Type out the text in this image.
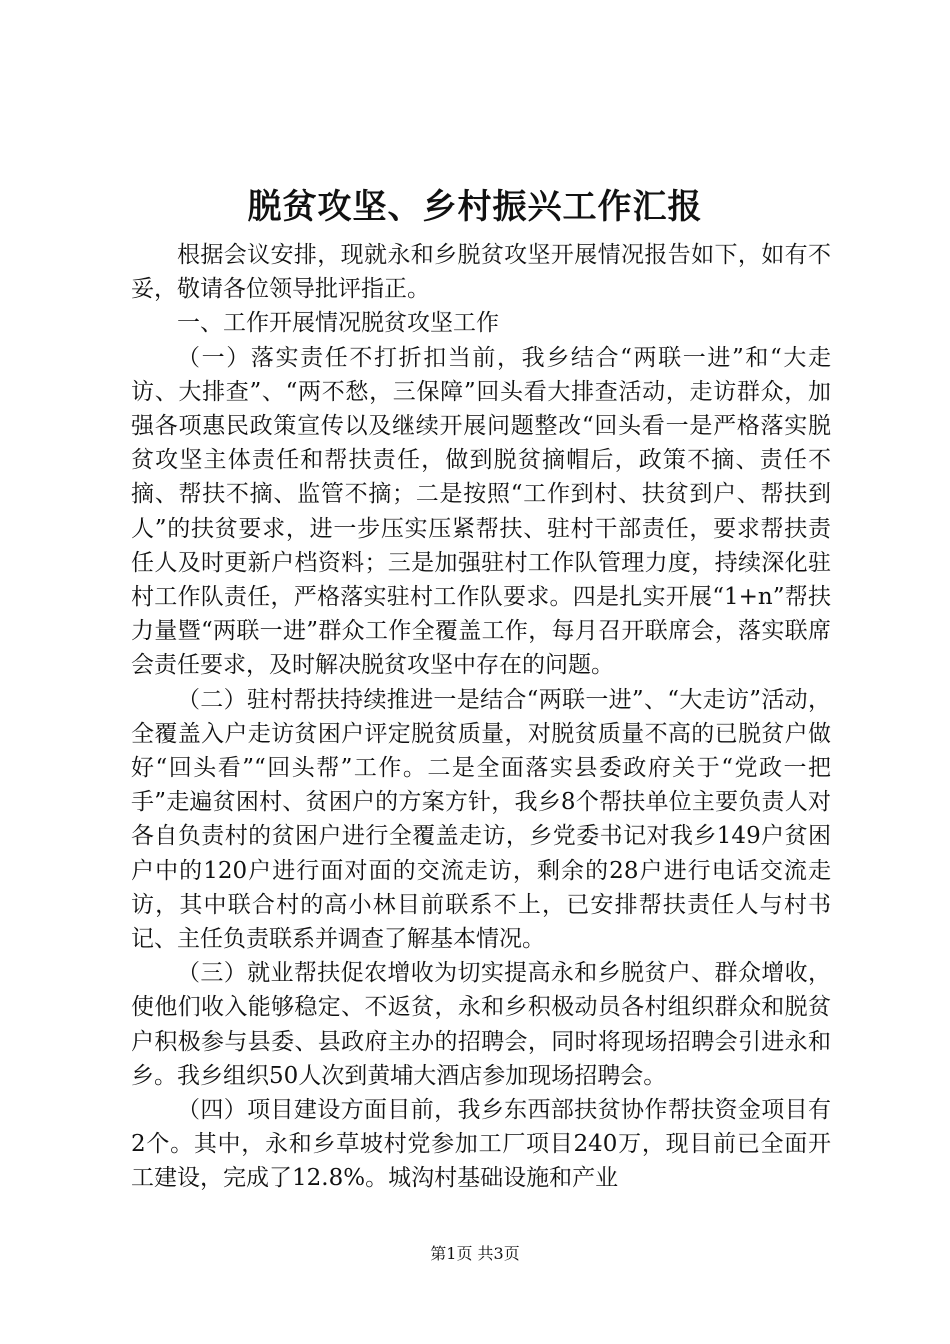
脱贫攻坚、乡村振兴工作汇报

根据会议安排，现就永和乡脱贫攻坚开展情况报告如下，如有不妥，敬请各位领导批评指正。

一、工作开展情况脱贫攻坚工作

（一）落实责任不打折扣当前，我乡结合“两联一进”和“大走访、大排查”、“两不愁，三保障”回头看大排查活动，走访群众，加强各项惠民政策宣传以及继续开展问题整改“回头看一是严格落实脱贫攻坚主体责任和帮扶责任，做到脱贫摘帽后，政策不摘、责任不摘、帮扶不摘、监管不摘；二是按照“工作到村、扶贫到户、帮扶到人”的扶贫要求，进一步压实压紧帮扶、驻村干部责任，要求帮扶责任人及时更新户档资料；三是加强驻村工作队管理力度，持续深化驻村工作队责任，严格落实驻村工作队要求。四是扎实开展“1+n”帮扶力量暨“两联一进”群众工作全覆盖工作，每月召开联席会，落实联席会责任要求，及时解决脱贫攻坚中存在的问题。

（二）驻村帮扶持续推进一是结合“两联一进”、“大走访”活动，全覆盖入户走访贫困户评定脱贫质量，对脱贫质量不高的已脱贫户做好“回头看”“回头帮”工作。二是全面落实县委政府关于“党政一把手”走遍贫困村、贫困户的方案方针，我乡8个帮扶单位主要负责人对各自负责村的贫困户进行全覆盖走访，乡党委书记对我乡149户贫困户中的120户进行面对面的交流走访，剩余的28户进行电话交流走访，其中联合村的高小林目前联系不上，已安排帮扶责任人与村书记、主任负责联系并调查了解基本情况。

（三）就业帮扶促农增收为切实提高永和乡脱贫户、群众增收，使他们收入能够稳定、不返贫，永和乡积极动员各村组织群众和脱贫户积极参与县委、县政府主办的招聘会，同时将现场招聘会引进永和乡。我乡组织50人次到黄埔大酒店参加现场招聘会。

（四）项目建设方面目前，我乡东西部扶贫协作帮扶资金项目有2个。其中，永和乡草坡村党参加工厂项目240万，现目前已全面开工建设，完成了12.8%。城沟村基础设施和产业

第1页 共3页
